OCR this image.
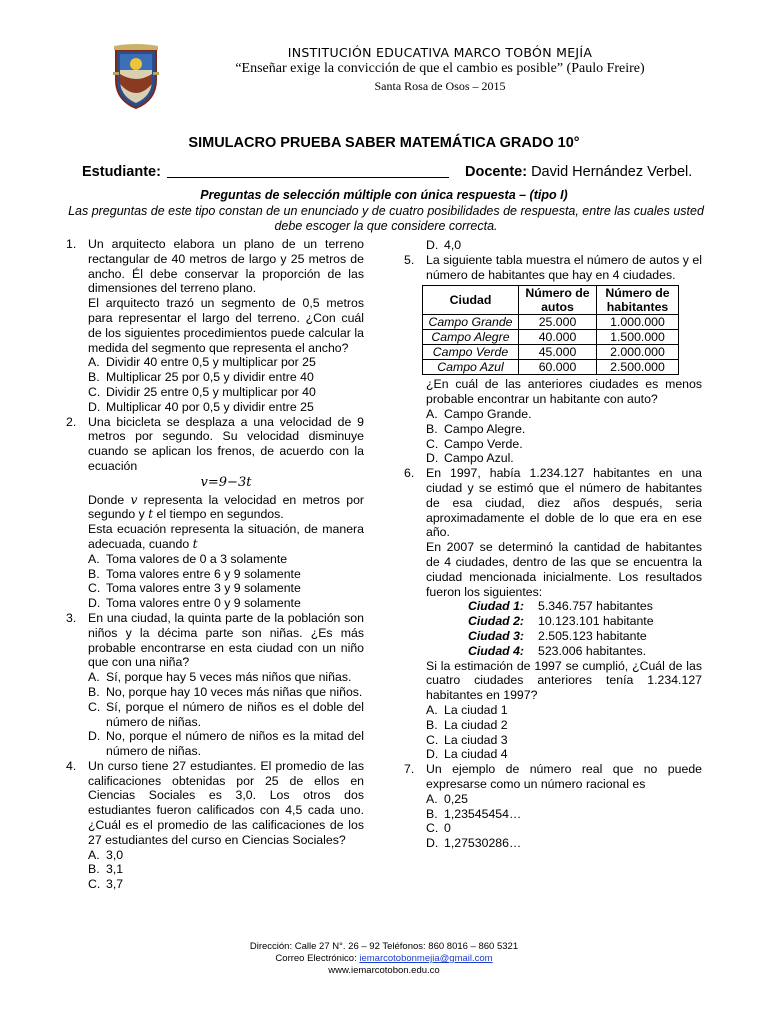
INSTITUCIÓN EDUCATIVA MARCO TOBÓN MEJÍA
“Enseñar exige la convicción de que el cambio es posible” (Paulo Freire)
Santa Rosa de Osos – 2015
SIMULACRO PRUEBA SABER MATEMÁTICA GRADO 10°
Estudiante:	Docente: David Hernández Verbel.
Preguntas de selección múltiple con única respuesta – (tipo I)
Las preguntas de este tipo constan de un enunciado y de cuatro posibilidades de respuesta, entre las cuales usted debe escoger la que considere correcta.
1. Un arquitecto elabora un plano de un terreno rectangular de 40 metros de largo y 25 metros de ancho. Él debe conservar la proporción de las dimensiones del terreno plano.
El arquitecto trazó un segmento de 0,5 metros para representar el largo del terreno. ¿Con cuál de los siguientes procedimientos puede calcular la medida del segmento que representa el ancho?
A. Dividir 40 entre 0,5 y multiplicar por 25
B. Multiplicar 25 por 0,5 y dividir entre 40
C. Dividir 25 entre 0,5 y multiplicar por 40
D. Multiplicar 40 por 0,5 y dividir entre 25
2. Una bicicleta se desplaza a una velocidad de 9 metros por segundo. Su velocidad disminuye cuando se aplican los frenos, de acuerdo con la ecuación
v=9−3t
Donde v representa la velocidad en metros por segundo y t el tiempo en segundos.
Esta ecuación representa la situación, de manera adecuada, cuando t
A. Toma valores de 0 a 3 solamente
B. Toma valores entre 6 y 9 solamente
C. Toma valores entre 3 y 9 solamente
D. Toma valores entre 0 y 9 solamente
3. En una ciudad, la quinta parte de la población son niños y la décima parte son niñas. ¿Es más probable encontrarse en esta ciudad con un niño que con una niña?
A. Sí, porque hay 5 veces más niños que niñas.
B. No, porque hay 10 veces más niñas que niños.
C. Sí, porque el número de niños es el doble del número de niñas.
D. No, porque el número de niños es la mitad del número de niñas.
4. Un curso tiene 27 estudiantes. El promedio de las calificaciones obtenidas por 25 de ellos en Ciencias Sociales es 3,0. Los otros dos estudiantes fueron calificados con 4,5 cada uno. ¿Cuál es el promedio de las calificaciones de los 27 estudiantes del curso en Ciencias Sociales?
A. 3,0
B. 3,1
C. 3,7
D. 4,0
5. La siguiente tabla muestra el número de autos y el número de habitantes que hay en 4 ciudades.
Ciudad	Número de autos	Número de habitantes
Campo Grande	25.000	1.000.000
Campo Alegre	40.000	1.500.000
Campo Verde	45.000	2.000.000
Campo Azul	60.000	2.500.000
¿En cuál de las anteriores ciudades es menos probable encontrar un habitante con auto?
A. Campo Grande.
B. Campo Alegre.
C. Campo Verde.
D. Campo Azul.
6. En 1997, había 1.234.127 habitantes en una ciudad y se estimó que el número de habitantes de esa ciudad, diez años después, seria aproximadamente el doble de lo que era en ese año.
En 2007 se determinó la cantidad de habitantes de 4 ciudades, dentro de las que se encuentra la ciudad mencionada inicialmente. Los resultados fueron los siguientes:
Ciudad 1:	5.346.757 habitantes
Ciudad 2:	10.123.101 habitante
Ciudad 3:	2.505.123 habitante
Ciudad 4:	523.006 habitantes.
Si la estimación de 1997 se cumplió, ¿Cuál de las cuatro ciudades anteriores tenía 1.234.127 habitantes en 1997?
A. La ciudad 1
B. La ciudad 2
C. La ciudad 3
D. La ciudad 4
7. Un ejemplo de número real que no puede expresarse como un número racional es
A. 0,25
B. 1,23545454…
C. 0
D. 1,27530286…
Dirección: Calle 27 N°. 26 – 92 Teléfonos: 860 8016 – 860 5321
Correo Electrónico: iemarcotobonmejia@gmail.com
www.iemarcotobon.edu.co
